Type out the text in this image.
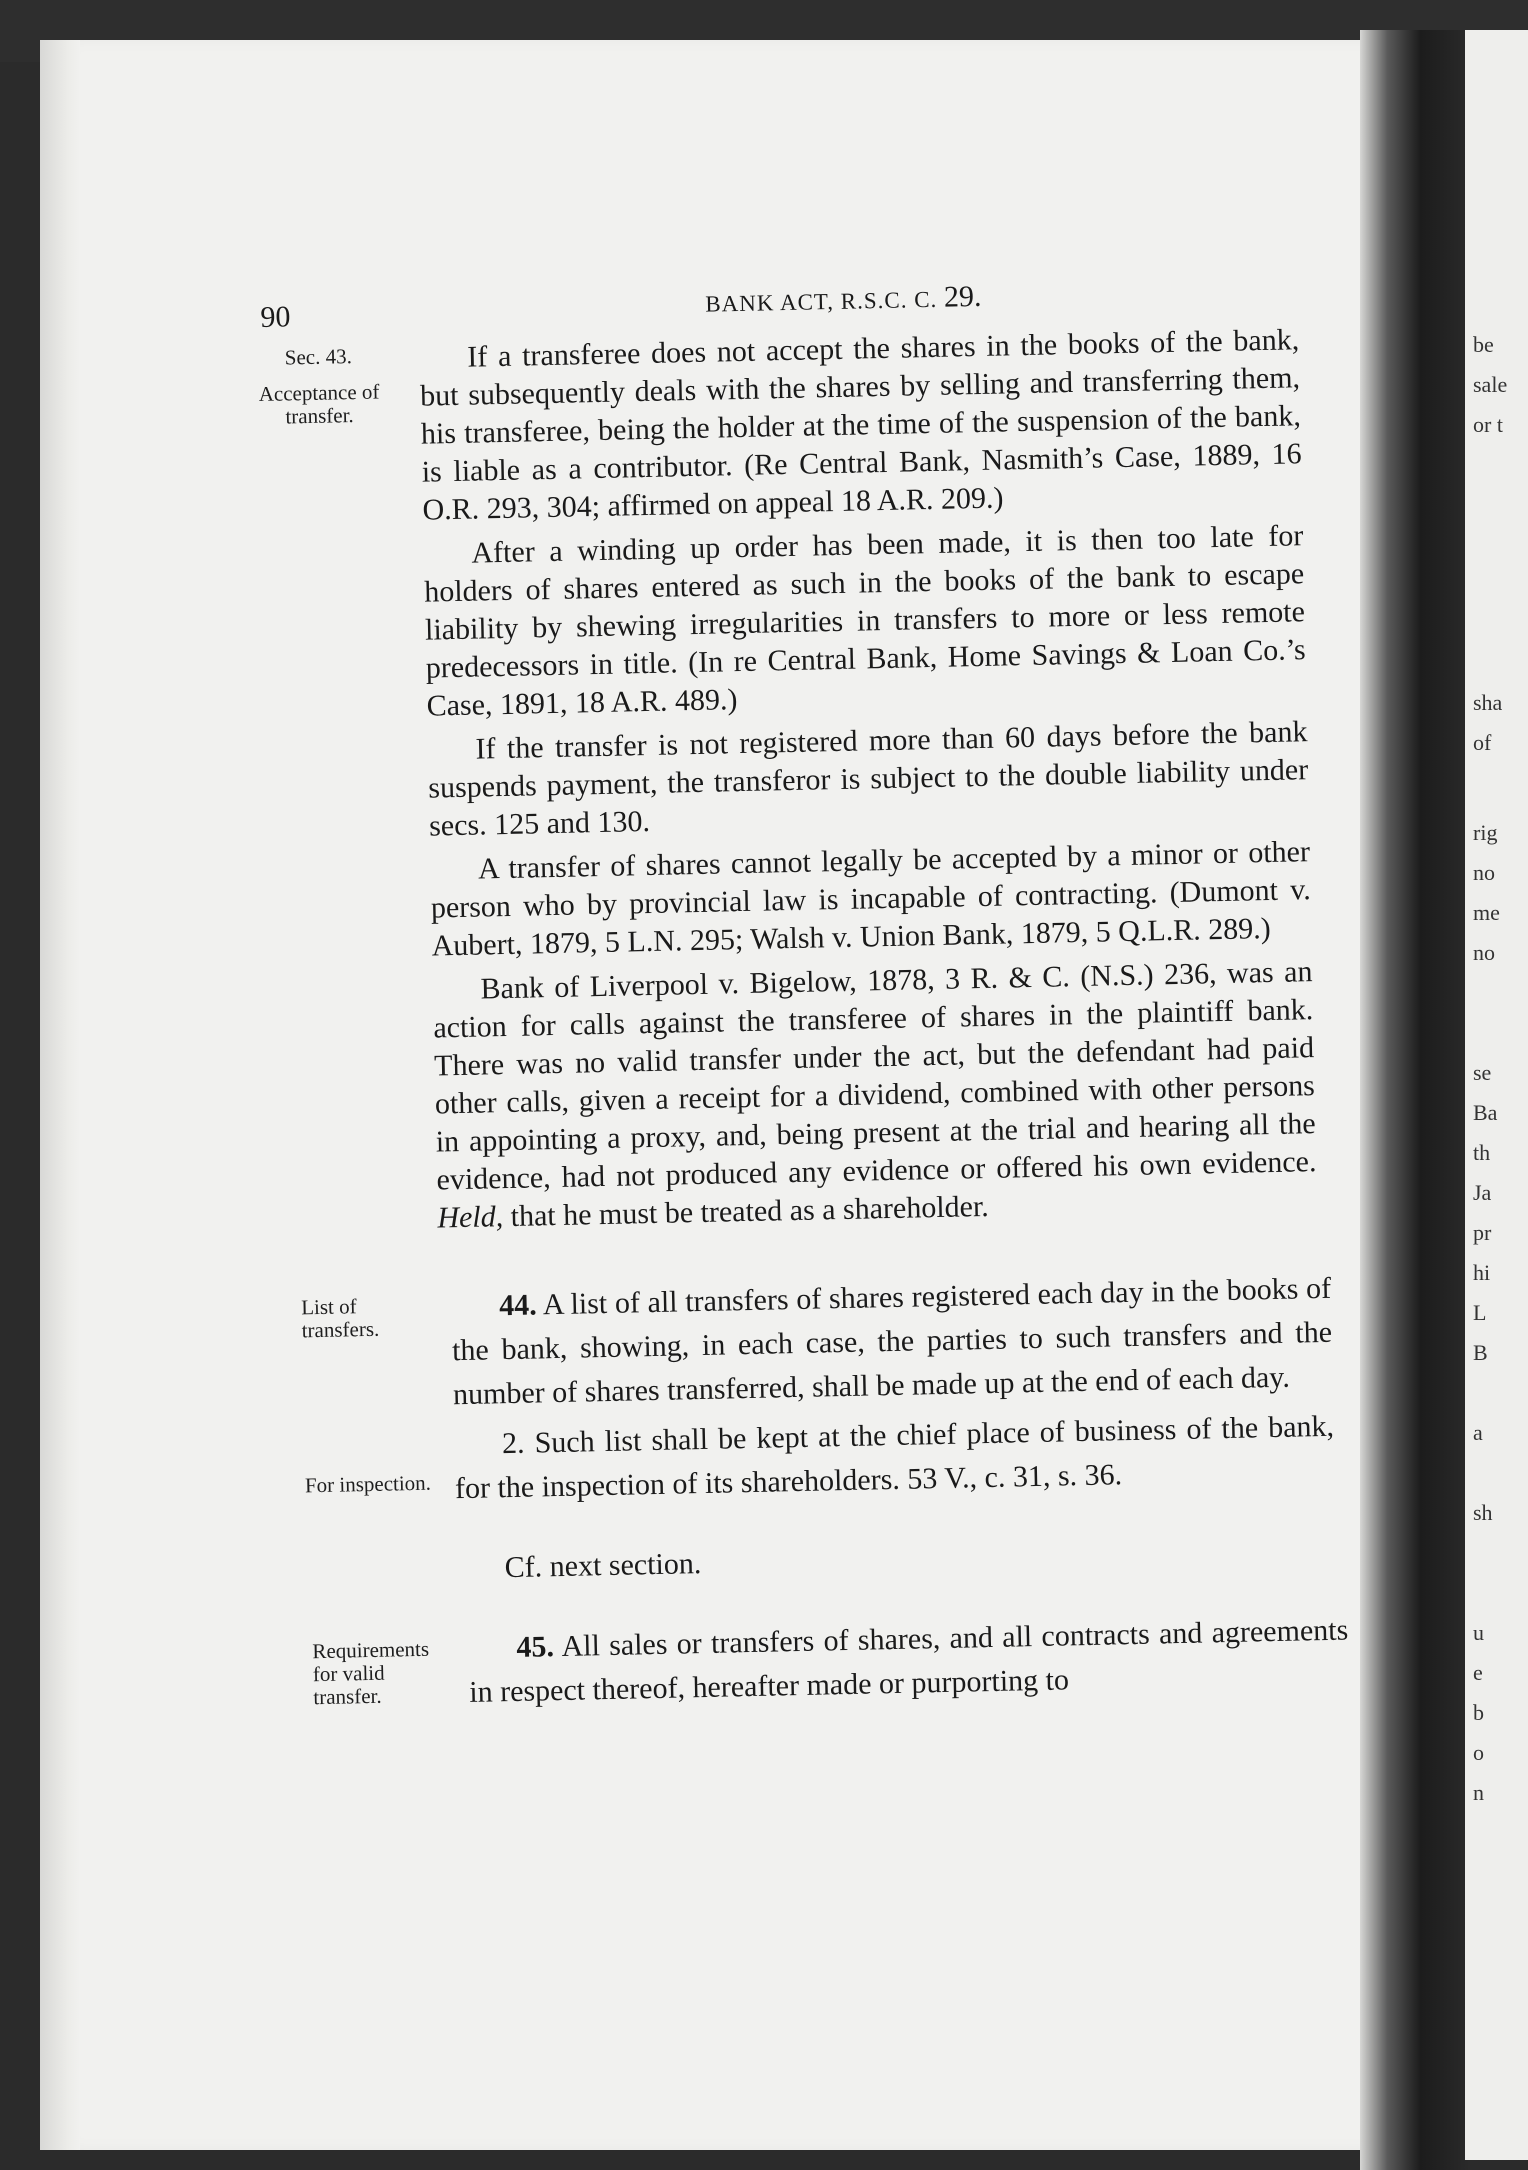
be
sale
or t
sha
of
rig
no
me
no
se
Ba
th
Ja
pr
hi
L
B
a
sh
u
e
b
o
n
90	BANK ACT, R.S.C. C. 29.
Sec. 43.
Acceptance of transfer.

If a transferee does not accept the shares in the books of the bank, but subsequently deals with the shares by selling and transferring them, his transferee, being the holder at the time of the suspension of the bank, is liable as a contributor. (Re Central Bank, Nasmith’s Case, 1889, 16 O.R. 293, 304; affirmed on appeal 18 A.R. 209.)

After a winding up order has been made, it is then too late for holders of shares entered as such in the books of the bank to escape liability by shewing irregularities in transfers to more or less remote predecessors in title. (In re Central Bank, Home Savings & Loan Co.’s Case, 1891, 18 A.R. 489.)

If the transfer is not registered more than 60 days before the bank suspends payment, the transferor is subject to the double liability under secs. 125 and 130.

A transfer of shares cannot legally be accepted by a minor or other person who by provincial law is incapable of contracting. (Dumont v. Aubert, 1879, 5 L.N. 295; Walsh v. Union Bank, 1879, 5 Q.L.R. 289.)

Bank of Liverpool v. Bigelow, 1878, 3 R. & C. (N.S.) 236, was an action for calls against the transferee of shares in the plaintiff bank. There was no valid transfer under the act, but the defendant had paid other calls, given a receipt for a dividend, combined with other persons in appointing a proxy, and, being present at the trial and hearing all the evidence, had not produced any evidence or offered his own evidence. Held, that he must be treated as a shareholder.

List of transfers.
For inspection.

44. A list of all transfers of shares registered each day in the books of the bank, showing, in each case, the parties to such transfers and the number of shares transferred, shall be made up at the end of each day.

2. Such list shall be kept at the chief place of business of the bank, for the inspection of its shareholders. 53 V., c. 31, s. 36.

Cf. next section.

Requirements for valid transfer.

45. All sales or transfers of shares, and all contracts and agreements in respect thereof, hereafter made or purporting to
